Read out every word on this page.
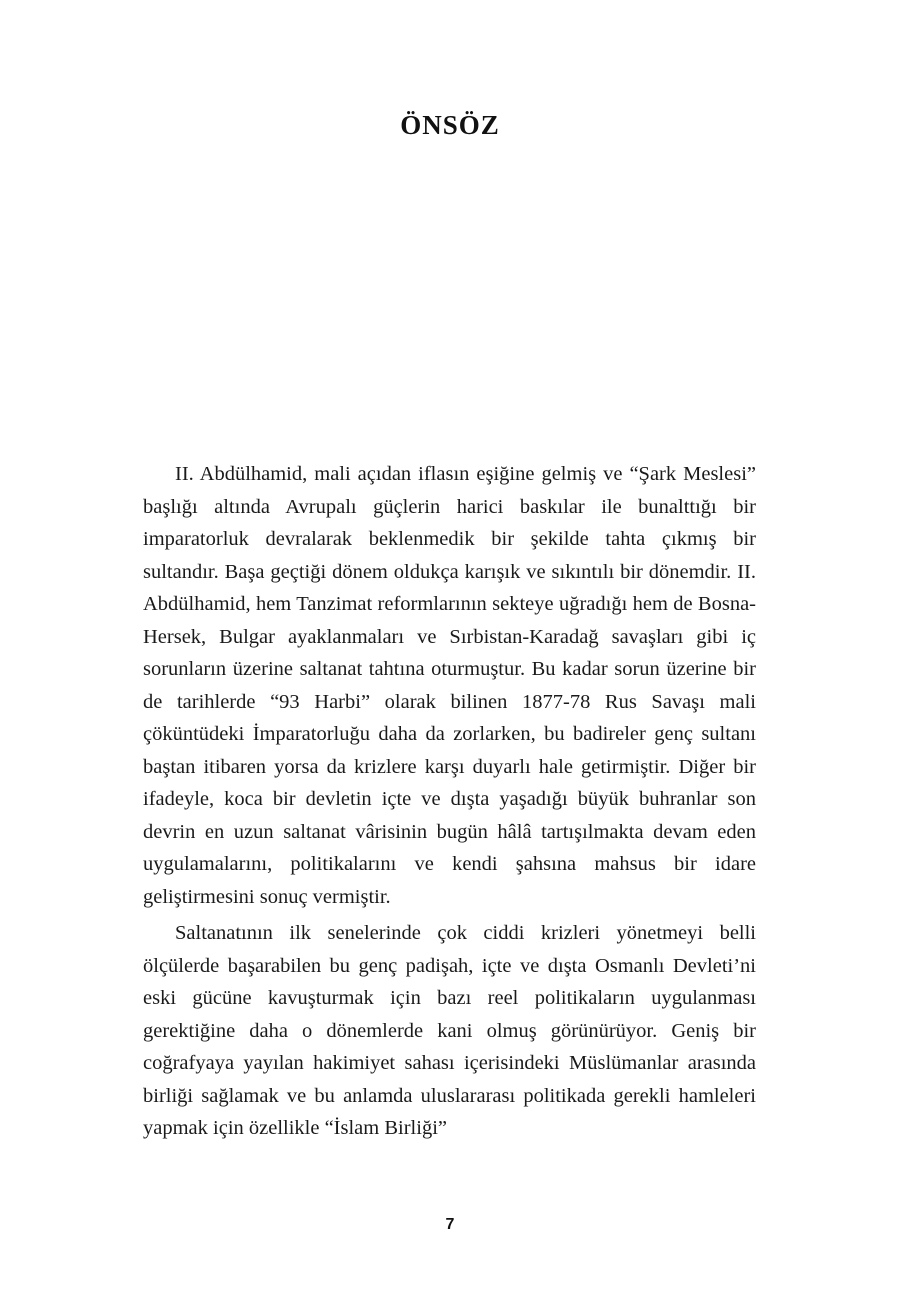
ÖNSÖZ

II. Abdülhamid, mali açıdan iflasın eşiğine gelmiş ve “Şark Meslesi” başlığı altında Avrupalı güçlerin harici baskılar ile bunalttığı bir imparatorluk devralarak beklenmedik bir şekilde tahta çıkmış bir sultandır. Başa geçtiği dönem oldukça karışık ve sıkıntılı bir dönemdir. II. Abdülhamid, hem Tanzimat reformlarının sekteye uğradığı hem de Bosna-Hersek, Bulgar ayaklanmaları ve Sırbistan-Karadağ savaşları gibi iç sorunların üzerine saltanat tahtına oturmuştur. Bu kadar sorun üzerine bir de tarihlerde “93 Harbi” olarak bilinen 1877-78 Rus Savaşı mali çöküntüdeki İmparatorluğu daha da zorlarken, bu badireler genç sultanı baştan itibaren yorsa da krizlere karşı duyarlı hale getirmiştir. Diğer bir ifadeyle, koca bir devletin içte ve dışta yaşadığı büyük buhranlar son devrin en uzun saltanat vârisinin bugün hâlâ tartışılmakta devam eden uygulamalarını, politikalarını ve kendi şahsına mahsus bir idare geliştirmesini sonuç vermiştir.

Saltanatının ilk senelerinde çok ciddi krizleri yönetmeyi belli ölçülerde başarabilen bu genç padişah, içte ve dışta Osmanlı Devleti’ni eski gücüne kavuşturmak için bazı reel politikaların uygulanması gerektiğine daha o dönemlerde kani olmuş görünürüyor. Geniş bir coğrafyaya yayılan hakimiyet sahası içerisindeki Müslümanlar arasında birliği sağlamak ve bu anlamda uluslararası politikada gerekli hamleleri yapmak için özellikle “İslam Birliği”

7
